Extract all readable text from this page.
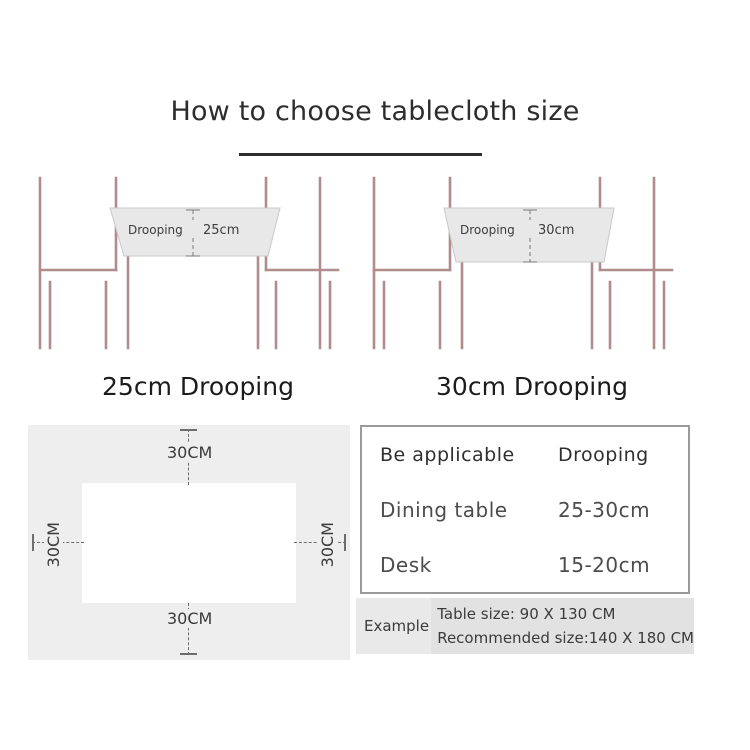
How to choose tablecloth size
Drooping 25cm	Drooping 30cm
25cm Drooping	30cm Drooping
30CM
30CM
30CM	30CM
Be applicable	Drooping
Dining table	25-30cm
Desk	15-20cm
Example
Table size: 90 X 130 CM
Recommended size:140 X 180 CM
